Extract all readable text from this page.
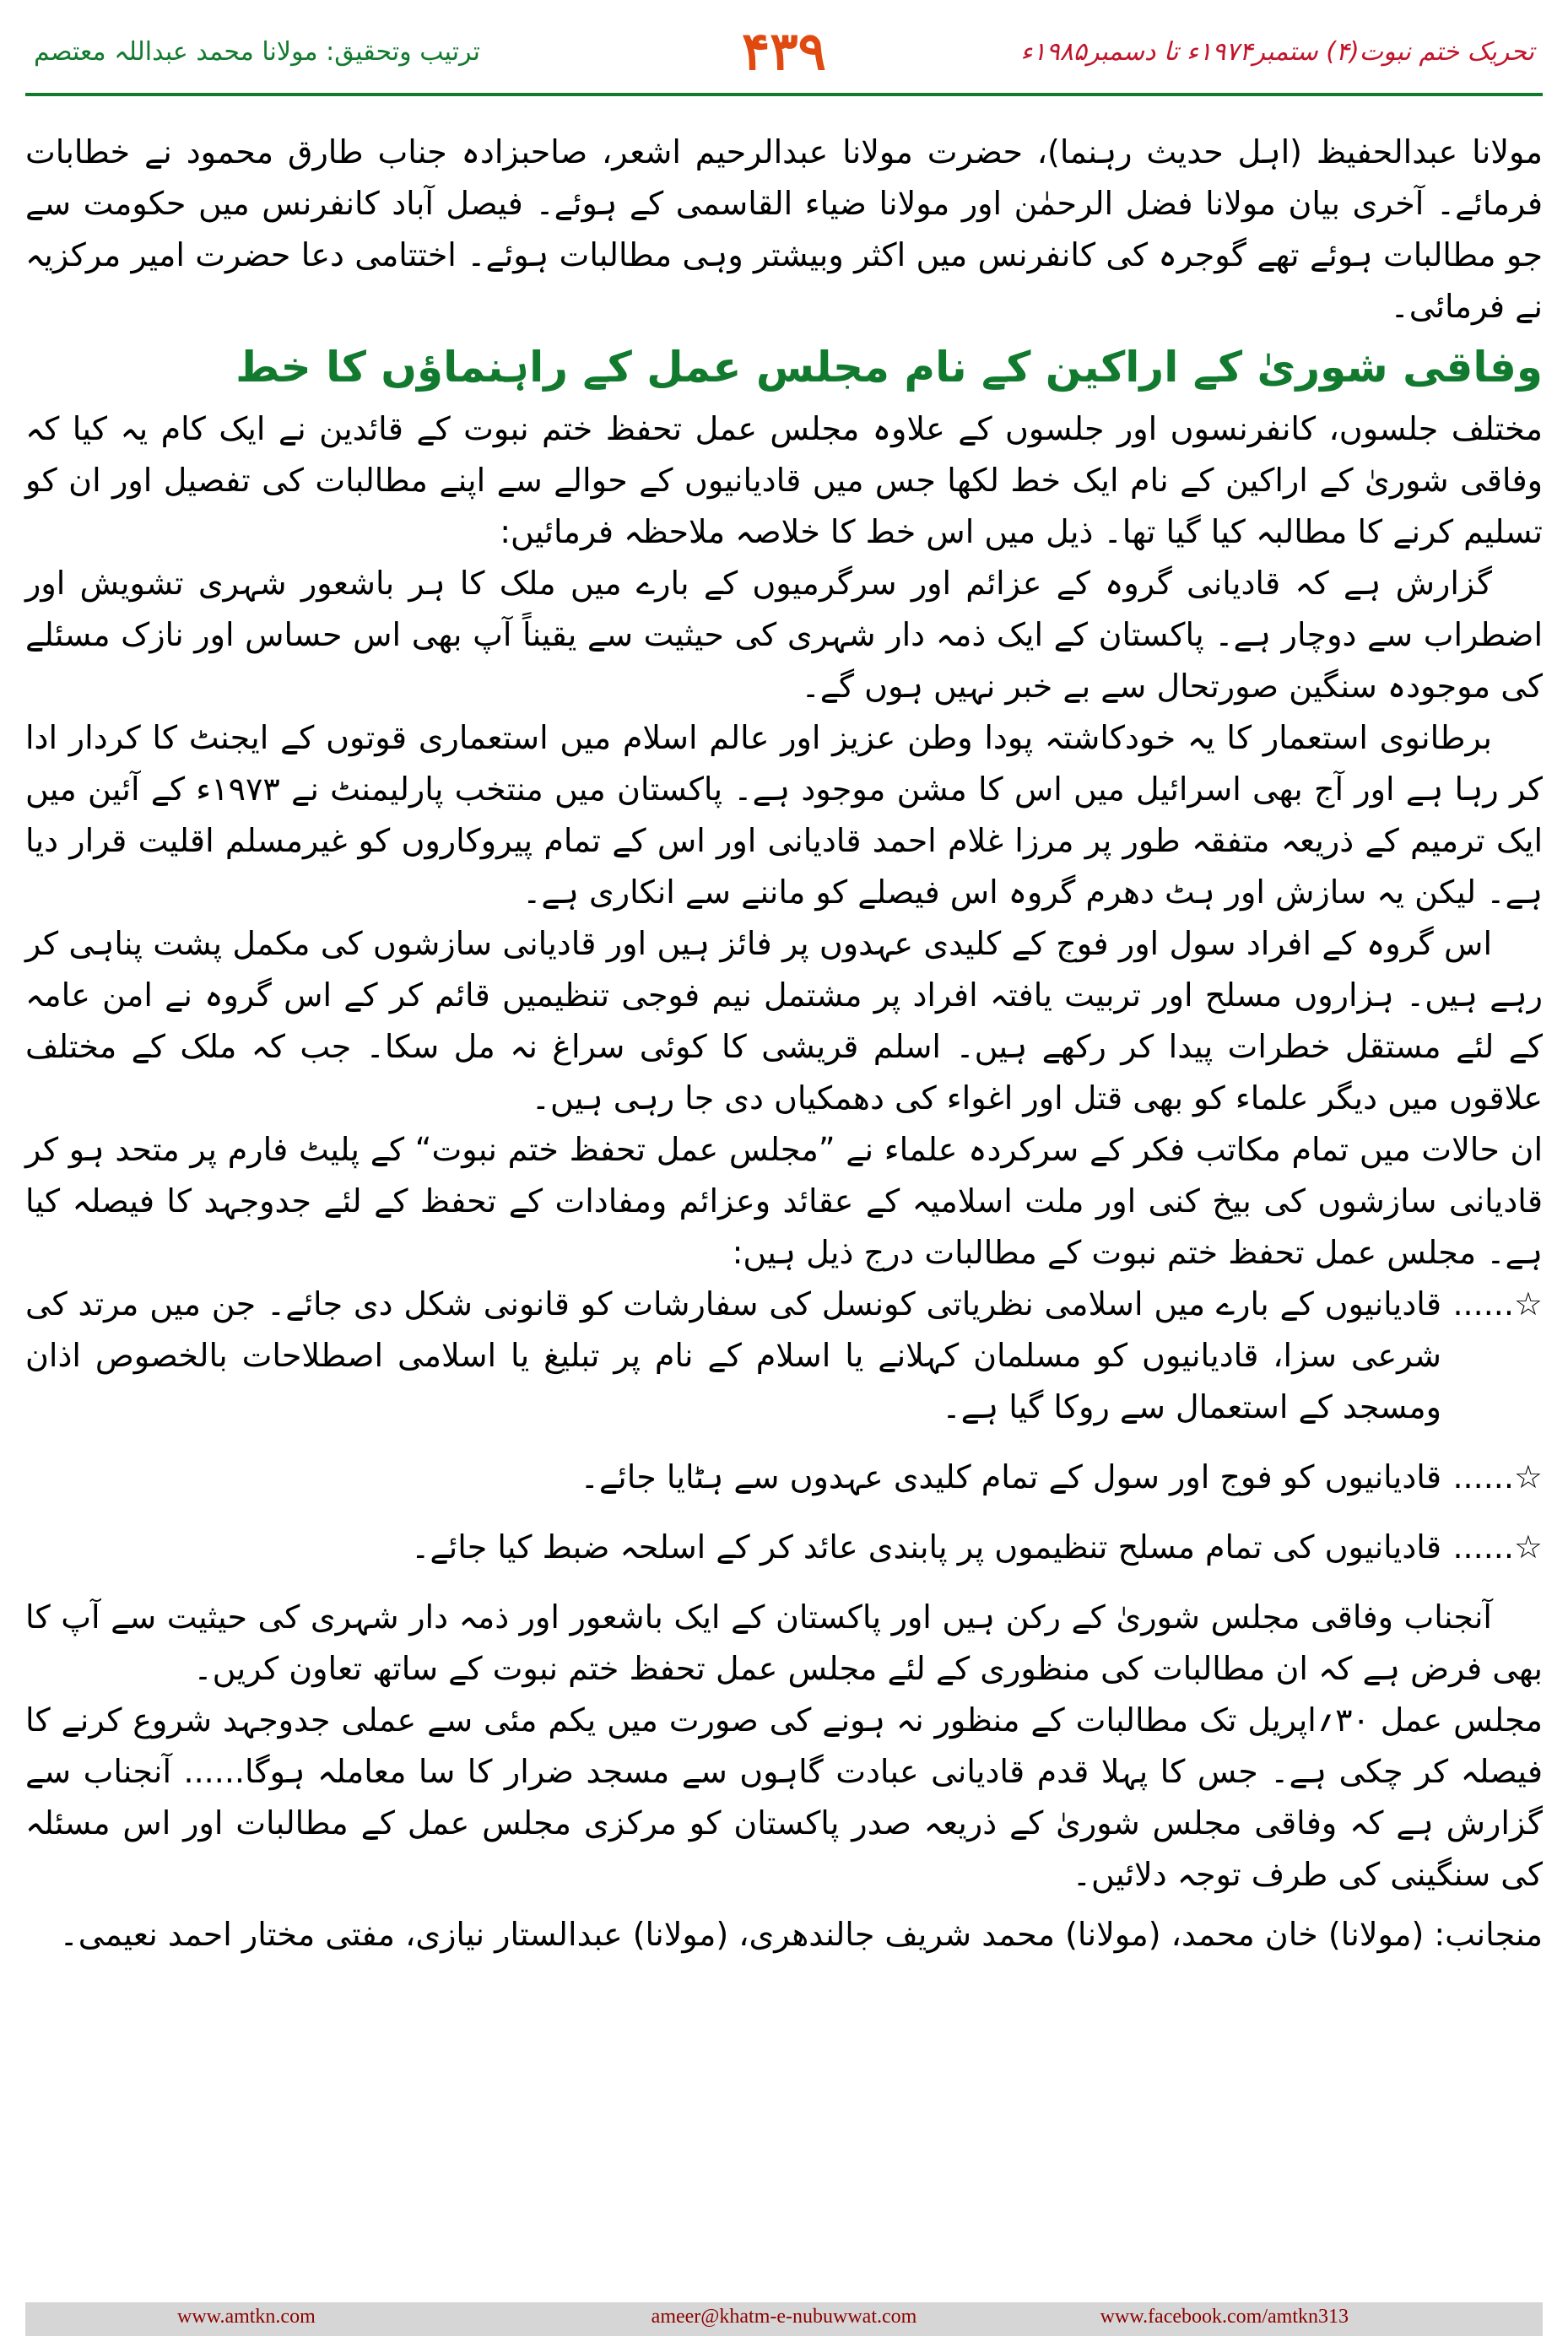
ترتیب وتحقیق: مولانا محمد عبداللہ معتصم	۴۳۹	تحریک ختم نبوت(۴) ستمبر۱۹۷۴ء تا دسمبر۱۹۸۵ء

مولانا عبدالحفیظ (اہل حدیث رہنما)، حضرت مولانا عبدالرحیم اشعر، صاحبزادہ جناب طارق محمود نے خطابات فرمائے۔ آخری بیان مولانا فضل الرحمٰن اور مولانا ضیاء القاسمی کے ہوئے۔ فیصل آباد کانفرنس میں حکومت سے جو مطالبات ہوئے تھے گوجرہ کی کانفرنس میں اکثر وبیشتر وہی مطالبات ہوئے۔ اختتامی دعا حضرت امیر مرکزیہ نے فرمائی۔

وفاقی شوریٰ کے اراکین کے نام مجلس عمل کے راہنماؤں کا خط

مختلف جلسوں، کانفرنسوں اور جلسوں کے علاوہ مجلس عمل تحفظ ختم نبوت کے قائدین نے ایک کام یہ کیا کہ وفاقی شوریٰ کے اراکین کے نام ایک خط لکھا جس میں قادیانیوں کے حوالے سے اپنے مطالبات کی تفصیل اور ان کو تسلیم کرنے کا مطالبہ کیا گیا تھا۔ ذیل میں اس خط کا خلاصہ ملاحظہ فرمائیں:

گزارش ہے کہ قادیانی گروہ کے عزائم اور سرگرمیوں کے بارے میں ملک کا ہر باشعور شہری تشویش اور اضطراب سے دوچار ہے۔ پاکستان کے ایک ذمہ دار شہری کی حیثیت سے یقیناً آپ بھی اس حساس اور نازک مسئلے کی موجودہ سنگین صورتحال سے بے خبر نہیں ہوں گے۔

برطانوی استعمار کا یہ خودکاشتہ پودا وطن عزیز اور عالم اسلام میں استعماری قوتوں کے ایجنٹ کا کردار ادا کر رہا ہے اور آج بھی اسرائیل میں اس کا مشن موجود ہے۔ پاکستان میں منتخب پارلیمنٹ نے ۱۹۷۳ء کے آئین میں ایک ترمیم کے ذریعہ متفقہ طور پر مرزا غلام احمد قادیانی اور اس کے تمام پیروکاروں کو غیرمسلم اقلیت قرار دیا ہے۔ لیکن یہ سازش اور ہٹ دھرم گروہ اس فیصلے کو ماننے سے انکاری ہے۔

اس گروہ کے افراد سول اور فوج کے کلیدی عہدوں پر فائز ہیں اور قادیانی سازشوں کی مکمل پشت پناہی کر رہے ہیں۔ ہزاروں مسلح اور تربیت یافتہ افراد پر مشتمل نیم فوجی تنظیمیں قائم کر کے اس گروہ نے امن عامہ کے لئے مستقل خطرات پیدا کر رکھے ہیں۔ اسلم قریشی کا کوئی سراغ نہ مل سکا۔ جب کہ ملک کے مختلف علاقوں میں دیگر علماء کو بھی قتل اور اغواء کی دھمکیاں دی جا رہی ہیں۔

ان حالات میں تمام مکاتب فکر کے سرکردہ علماء نے ”مجلس عمل تحفظ ختم نبوت“ کے پلیٹ فارم پر متحد ہو کر قادیانی سازشوں کی بیخ کنی اور ملت اسلامیہ کے عقائد وعزائم ومفادات کے تحفظ کے لئے جدوجہد کا فیصلہ کیا ہے۔ مجلس عمل تحفظ ختم نبوت کے مطالبات درج ذیل ہیں:

☆......
قادیانیوں کے بارے میں اسلامی نظریاتی کونسل کی سفارشات کو قانونی شکل دی جائے۔ جن میں مرتد کی شرعی سزا، قادیانیوں کو مسلمان کہلانے یا اسلام کے نام پر تبلیغ یا اسلامی اصطلاحات بالخصوص اذان ومسجد کے استعمال سے روکا گیا ہے۔
☆......
قادیانیوں کو فوج اور سول کے تمام کلیدی عہدوں سے ہٹایا جائے۔
☆......
قادیانیوں کی تمام مسلح تنظیموں پر پابندی عائد کر کے اسلحہ ضبط کیا جائے۔

آنجناب وفاقی مجلس شوریٰ کے رکن ہیں اور پاکستان کے ایک باشعور اور ذمہ دار شہری کی حیثیت سے آپ کا بھی فرض ہے کہ ان مطالبات کی منظوری کے لئے مجلس عمل تحفظ ختم نبوت کے ساتھ تعاون کریں۔

مجلس عمل ۳۰؍اپریل تک مطالبات کے منظور نہ ہونے کی صورت میں یکم مئی سے عملی جدوجہد شروع کرنے کا فیصلہ کر چکی ہے۔ جس کا پہلا قدم قادیانی عبادت گاہوں سے مسجد ضرار کا سا معاملہ ہوگا...... آنجناب سے گزارش ہے کہ وفاقی مجلس شوریٰ کے ذریعہ صدر پاکستان کو مرکزی مجلس عمل کے مطالبات اور اس مسئلہ کی سنگینی کی طرف توجہ دلائیں۔

منجانب: (مولانا) خان محمد، (مولانا) محمد شریف جالندھری، (مولانا) عبدالستار نیازی، مفتی مختار احمد نعیمی۔
www.amtkn.com	ameer@khatm-e-nubuwwat.com	www.facebook.com/amtkn313
